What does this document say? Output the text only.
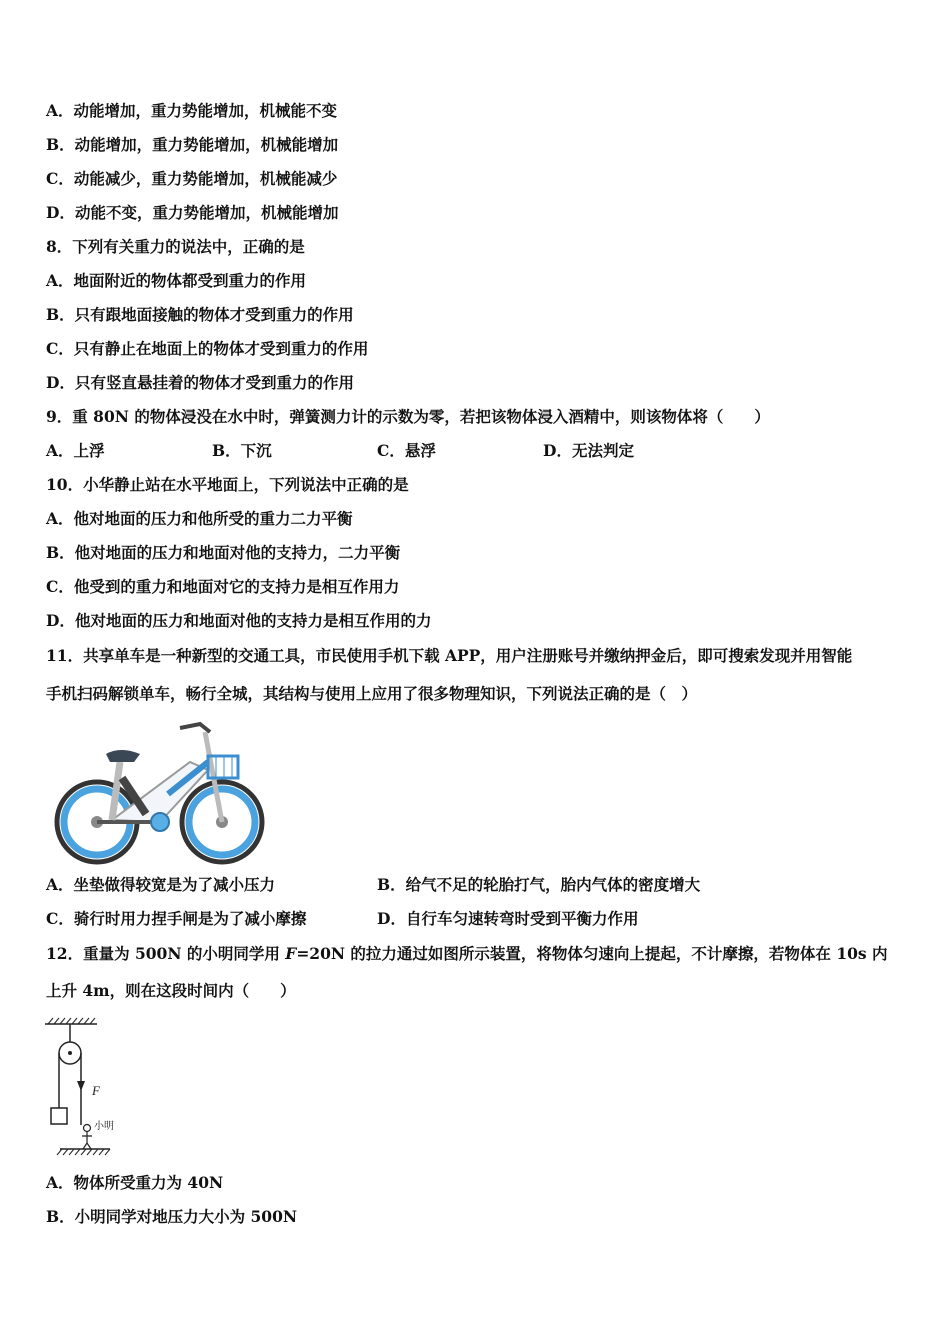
A．动能增加，重力势能增加，机械能不变
B．动能增加，重力势能增加，机械能增加
C．动能减少，重力势能增加，机械能减少
D．动能不变，重力势能增加，机械能增加
8．下列有关重力的说法中，正确的是
A．地面附近的物体都受到重力的作用
B．只有跟地面接触的物体才受到重力的作用
C．只有静止在地面上的物体才受到重力的作用
D．只有竖直悬挂着的物体才受到重力的作用
9．重 80N 的物体浸没在水中时，弹簧测力计的示数为零，若把该物体浸入酒精中，则该物体将（　　）
A．上浮	B．下沉	C．悬浮	D．无法判定
10．小华静止站在水平地面上，下列说法中正确的是
A．他对地面的压力和他所受的重力二力平衡
B．他对地面的压力和地面对他的支持力，二力平衡
C．他受到的重力和地面对它的支持力是相互作用力
D．他对地面的压力和地面对他的支持力是相互作用的力
11．共享单车是一种新型的交通工具，市民使用手机下载 APP，用户注册账号并缴纳押金后，即可搜索发现并用智能
手机扫码解锁单车，畅行全城，其结构与使用上应用了很多物理知识，下列说法正确的是（　）
A．坐垫做得较宽是为了减小压力	B．给气不足的轮胎打气，胎内气体的密度增大
C．骑行时用力捏手闸是为了减小摩擦	D．自行车匀速转弯时受到平衡力作用
12．重量为 500N 的小明同学用 F=20N 的拉力通过如图所示装置，将物体匀速向上提起，不计摩擦，若物体在 10s 内
上升 4m，则在这段时间内（　　）
F
小明
A．物体所受重力为 40N
B．小明同学对地压力大小为 500N
